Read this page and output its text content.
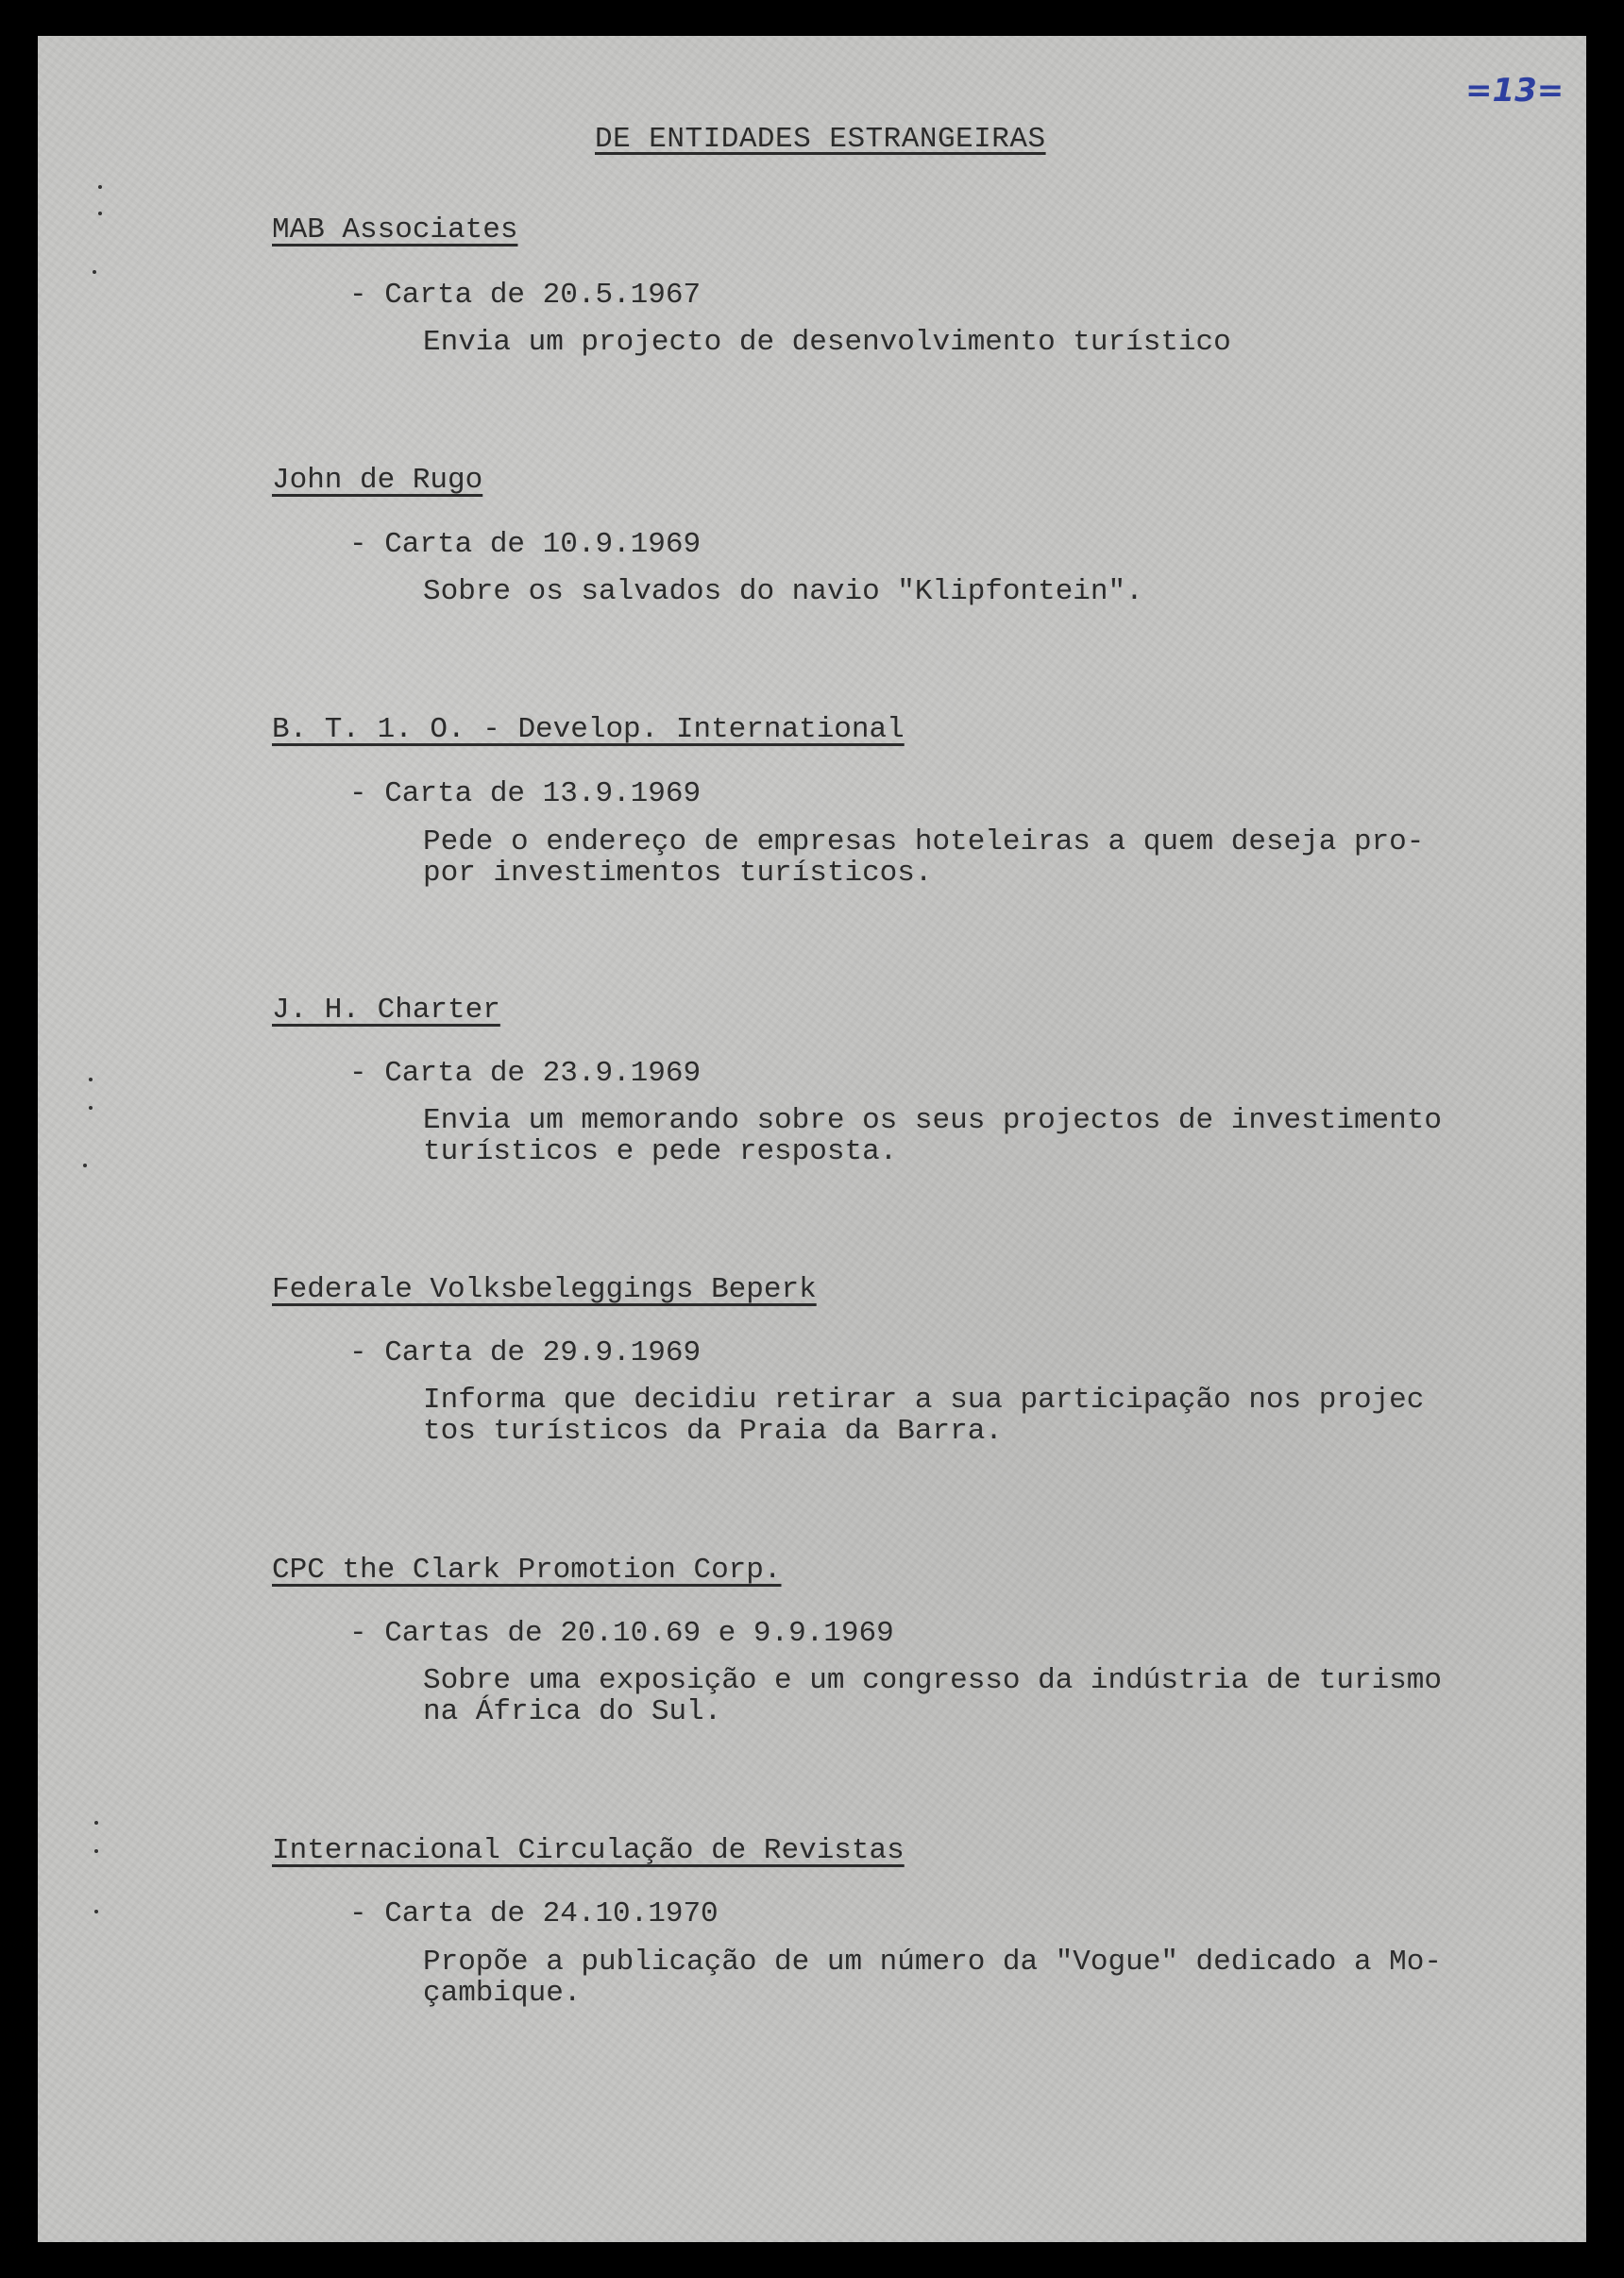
=13=
DE ENTIDADES ESTRANGEIRAS
MAB Associates
- Carta de 20.5.1967
Envia um projecto de desenvolvimento turístico
John de Rugo
- Carta de 10.9.1969
Sobre os salvados do navio "Klipfontein".
B. T. 1. O. - Develop. International
- Carta de 13.9.1969
Pede o endereço de empresas hoteleiras a quem deseja pro-
por investimentos turísticos.
J. H. Charter
- Carta de 23.9.1969
Envia um memorando sobre os seus projectos de investimento
turísticos e pede resposta.
Federale Volksbeleggings Beperk
- Carta de 29.9.1969
Informa que decidiu retirar a sua participação nos projec
tos turísticos da Praia da Barra.
CPC the Clark Promotion Corp.
- Cartas de 20.10.69 e 9.9.1969
Sobre uma exposição e um congresso da indústria de turismo
na África do Sul.
Internacional Circulação de Revistas
- Carta de 24.10.1970
Propõe a publicação de um número da "Vogue" dedicado a Mo-
çambique.
